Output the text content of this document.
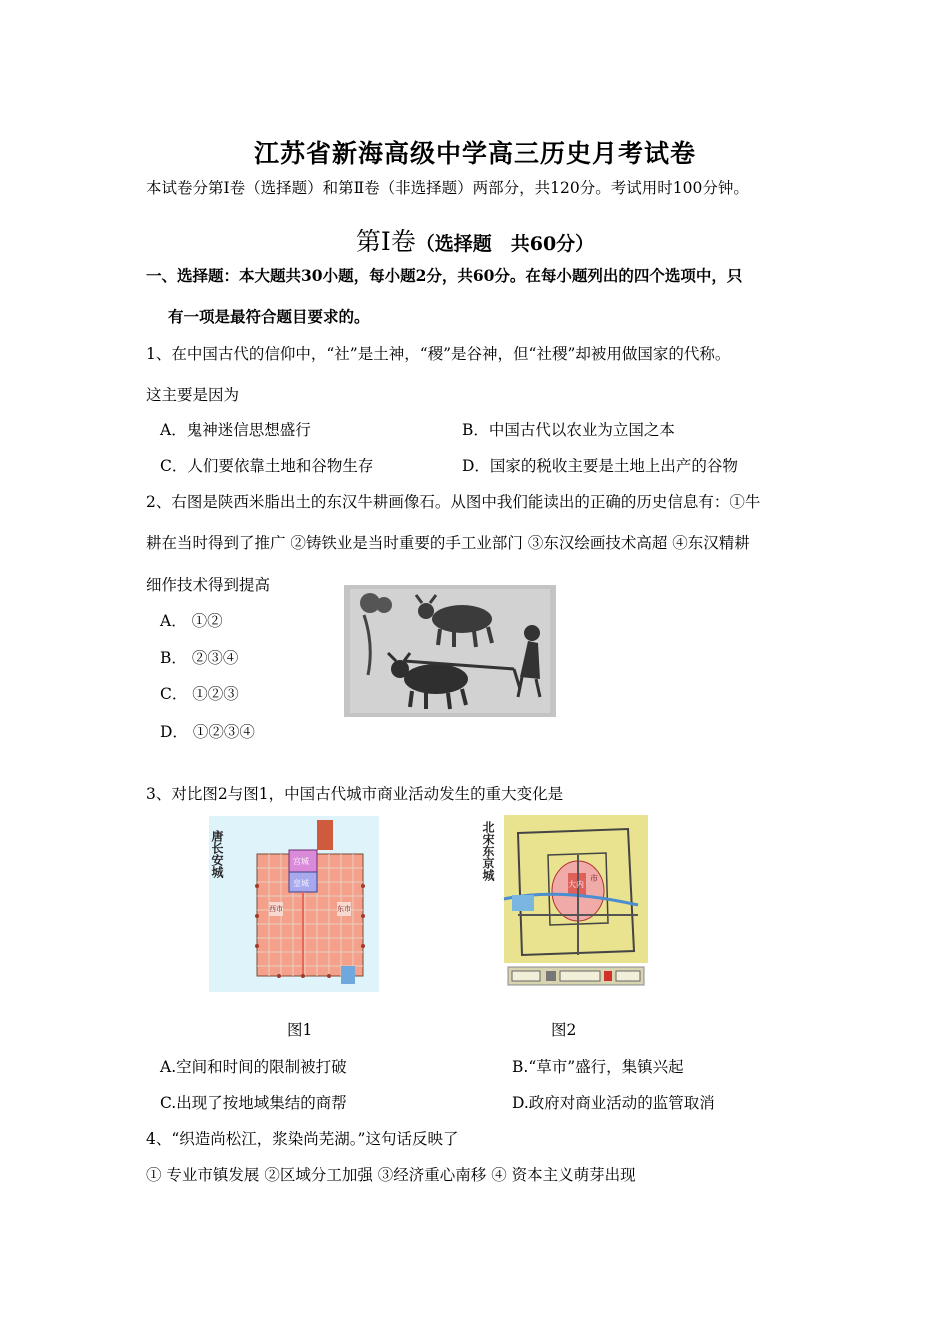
江苏省新海高级中学高三历史月考试卷
本试卷分第Ⅰ卷（选择题）和第Ⅱ卷（非选择题）两部分，共120分。考试用时100分钟。
第Ⅰ卷（选择题　共60分）
一、选择题：本大题共30小题，每小题2分，共60分。在每小题列出的四个选项中，只
有一项是最符合题目要求的。
1、在中国古代的信仰中，“社”是土神，“稷”是谷神，但“社稷”却被用做国家的代称。
这主要是因为
A．鬼神迷信思想盛行	B．中国古代以农业为立国之本
C．人们要依靠土地和谷物生存	D．国家的税收主要是土地上出产的谷物
2、右图是陕西米脂出土的东汉牛耕画像石。从图中我们能读出的正确的历史信息有：①牛
耕在当时得到了推广 ②铸铁业是当时重要的手工业部门 ③东汉绘画技术高超 ④东汉精耕
细作技术得到提高
A． ①②
B． ②③④
C． ①②③
D． ①②③④
3、对比图2与图1，中国古代城市商业活动发生的重大变化是
唐长安城	宫城
皇城
西市	东市
北宋东京城
大内
市
图1	图2
A.空间和时间的限制被打破	B.“草市”盛行，集镇兴起
C.出现了按地域集结的商帮	D.政府对商业活动的监管取消
4、“织造尚松江，浆染尚芜湖。”这句话反映了
① 专业市镇发展 ②区域分工加强 ③经济重心南移 ④ 资本主义萌芽出现
